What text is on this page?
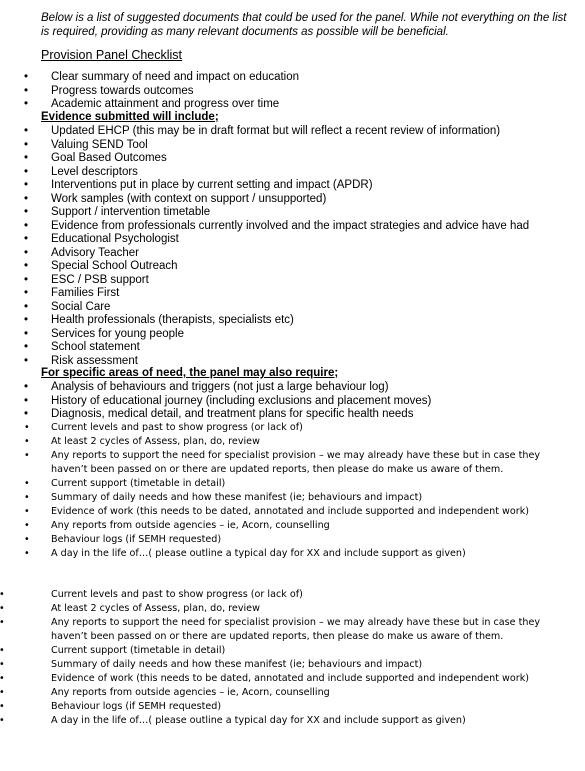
Below is a list of suggested documents that could be used for the panel. While not everything on the list is required, providing as many relevant documents as possible will be beneficial.
Provision Panel Checklist
• Clear summary of need and impact on education
• Progress towards outcomes
• Academic attainment and progress over time
Evidence submitted will include;
• Updated EHCP (this may be in draft format but will reflect a recent review of information)
• Valuing SEND Tool
• Goal Based Outcomes
• Level descriptors
• Interventions put in place by current setting and impact (APDR)
• Work samples (with context on support / unsupported)
• Support / intervention timetable
• Evidence from professionals currently involved and the impact strategies and advice have had
• Educational Psychologist
• Advisory Teacher
• Special School Outreach
• ESC / PSB support
• Families First
• Social Care
• Health professionals (therapists, specialists etc)
• Services for young people
• School statement
• Risk assessment
For specific areas of need, the panel may also require;
• Analysis of behaviours and triggers (not just a large behaviour log)
• History of educational journey (including exclusions and placement moves)
• Diagnosis, medical detail, and treatment plans for specific health needs
• Current levels and past to show progress (or lack of)
• At least 2 cycles of Assess, plan, do, review
• Any reports to support the need for specialist provision – we may already have these but in case they haven’t been passed on or there are updated reports, then please do make us aware of them.
• Current support (timetable in detail)
• Summary of daily needs and how these manifest (ie; behaviours and impact)
• Evidence of work (this needs to be dated, annotated and include supported and independent work)
• Any reports from outside agencies – ie, Acorn, counselling
• Behaviour logs (if SEMH requested)
• A day in the life of…( please outline a typical day for XX and include support as given)
• Current levels and past to show progress (or lack of)
• At least 2 cycles of Assess, plan, do, review
• Any reports to support the need for specialist provision – we may already have these but in case they haven’t been passed on or there are updated reports, then please do make us aware of them.
• Current support (timetable in detail)
• Summary of daily needs and how these manifest (ie; behaviours and impact)
• Evidence of work (this needs to be dated, annotated and include supported and independent work)
• Any reports from outside agencies – ie, Acorn, counselling
• Behaviour logs (if SEMH requested)
• A day in the life of…( please outline a typical day for XX and include support as given)
